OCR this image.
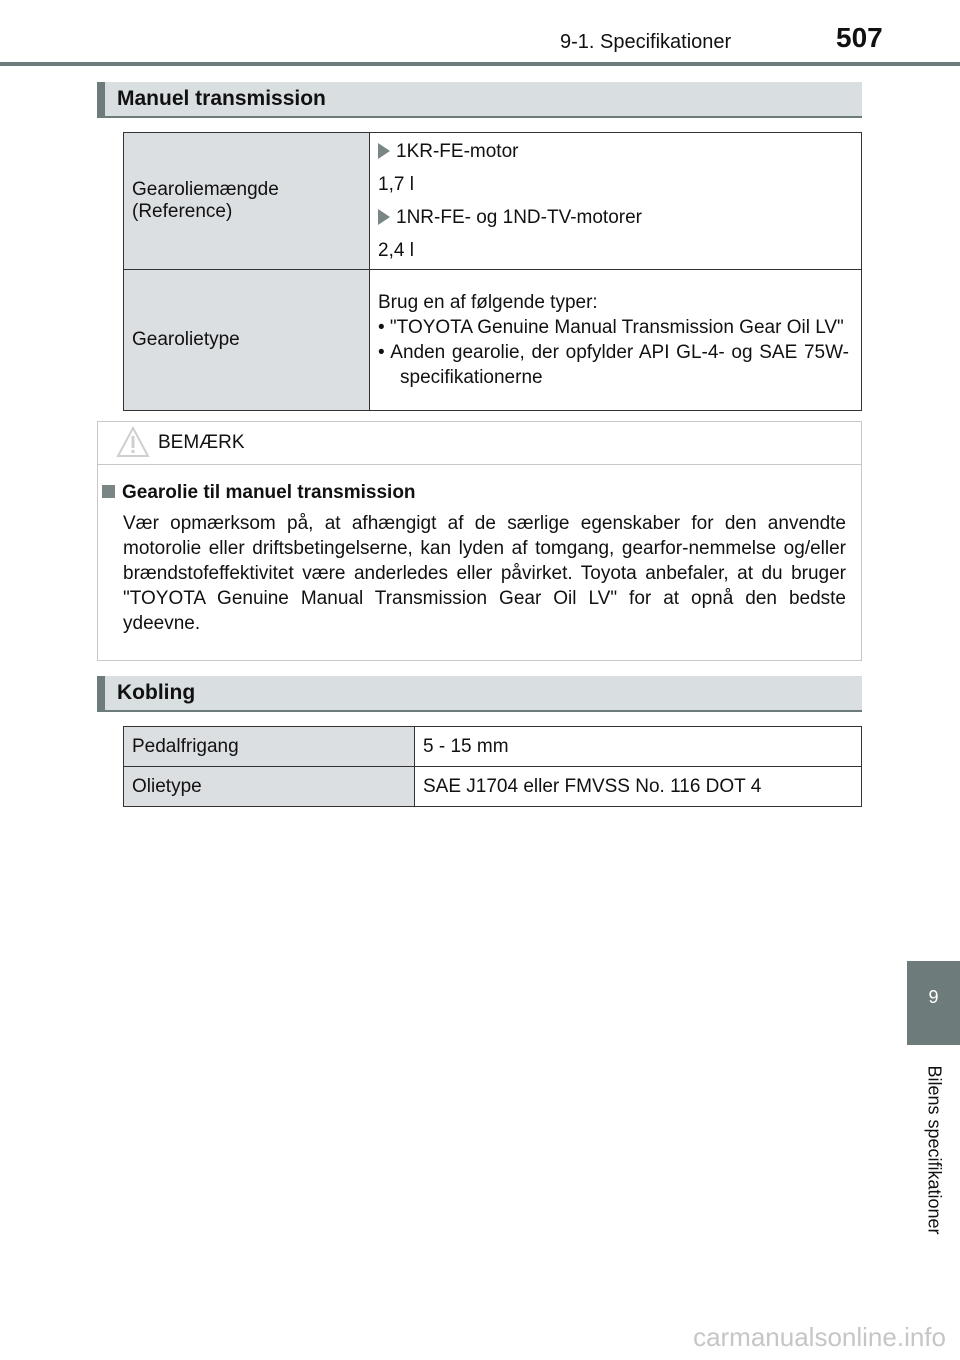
9-1. Specifikationer	507
Manuel transmission
Gearoliemængde (Reference)	1KR-FE-motor
1,7 l
1NR-FE- og 1ND-TV-motorer
2,4 l

Gearolietype	Brug en af følgende typer:
• "TOYOTA Genuine Manual Transmission Gear Oil LV"
• Anden gearolie, der opfylder API GL-4- og SAE 75W-specifikationerne
BEMÆRK
Gearolie til manuel transmission
Vær opmærksom på, at afhængigt af de særlige egenskaber for den anvendte motorolie eller driftsbetingelserne, kan lyden af tomgang, gearfor-nemmelse og/eller brændstofeffektivitet være anderledes eller påvirket. Toyota anbefaler, at du bruger "TOYOTA Genuine Manual Transmission Gear Oil LV" for at opnå den bedste ydeevne.
Kobling
Pedalfrigang	5 - 15 mm
Olietype	SAE J1704 eller FMVSS No. 116 DOT 4
9
Bilens specifikationer
carmanualsonline.info
